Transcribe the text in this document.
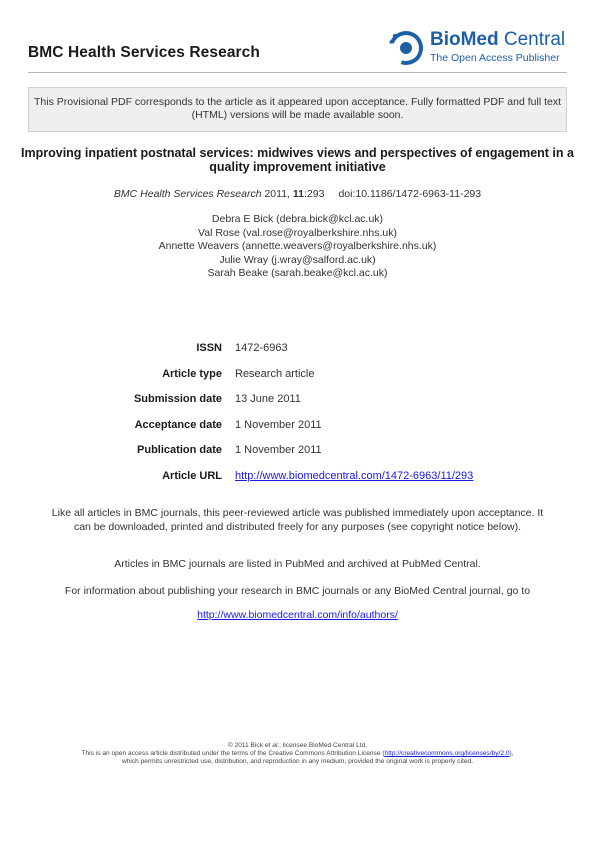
BMC Health Services Research
BioMed Central
The Open Access Publisher
This Provisional PDF corresponds to the article as it appeared upon acceptance. Fully formatted PDF and full text (HTML) versions will be made available soon.
Improving inpatient postnatal services: midwives views and perspectives of engagement in a quality improvement initiative
BMC Health Services Research 2011, 11:293 doi:10.1186/1472-6963-11-293
Debra E Bick (debra.bick@kcl.ac.uk)
Val Rose (val.rose@royalberkshire.nhs.uk)
Annette Weavers (annette.weavers@royalberkshire.nhs.uk)
Julie Wray (j.wray@salford.ac.uk)
Sarah Beake (sarah.beake@kcl.ac.uk)
ISSN 1472-6963
Article type Research article
Submission date 13 June 2011
Acceptance date 1 November 2011
Publication date 1 November 2011
Article URL http://www.biomedcentral.com/1472-6963/11/293
Like all articles in BMC journals, this peer-reviewed article was published immediately upon acceptance. It can be downloaded, printed and distributed freely for any purposes (see copyright notice below).
Articles in BMC journals are listed in PubMed and archived at PubMed Central.
For information about publishing your research in BMC journals or any BioMed Central journal, go to
http://www.biomedcentral.com/info/authors/
© 2011 Bick et al.; licensee BioMed Central Ltd.
This is an open access article distributed under the terms of the Creative Commons Attribution License (http://creativecommons.org/licenses/by/2.0),
which permits unrestricted use, distribution, and reproduction in any medium, provided the original work is properly cited.
